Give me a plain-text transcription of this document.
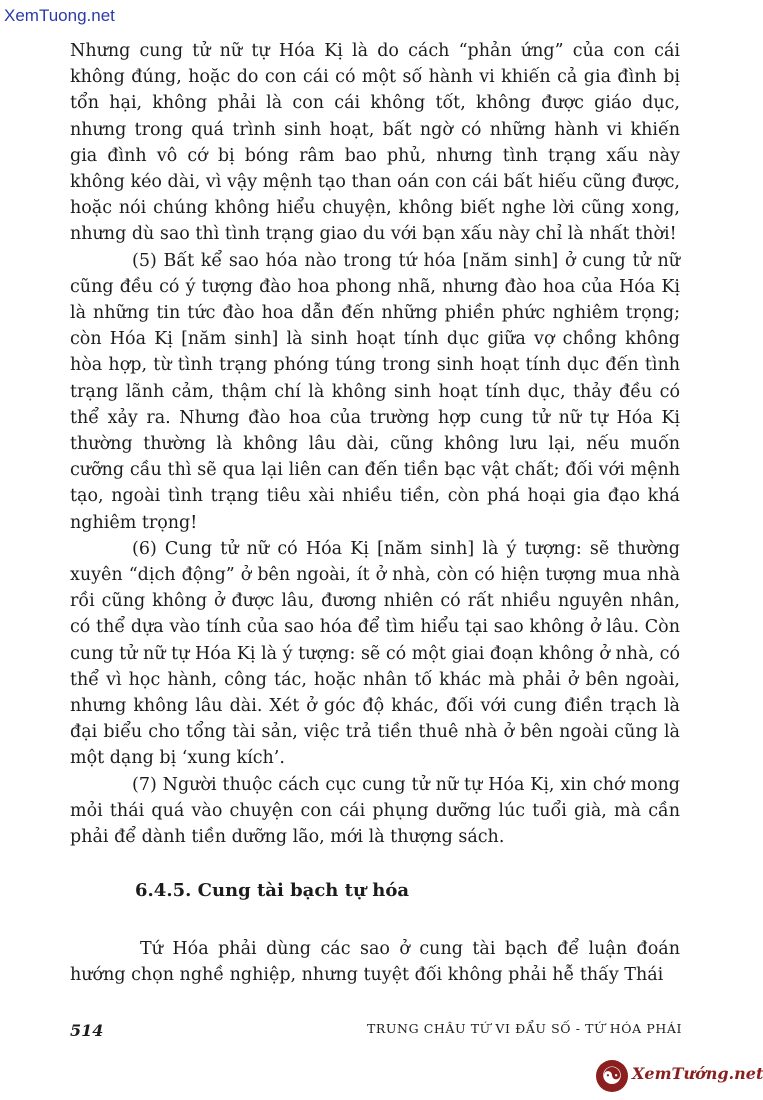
XemTuong.net

Nhưng cung tử nữ tự Hóa Kị là do cách “phản ứng” của con cái không đúng, hoặc do con cái có một số hành vi khiến cả gia đình bị tổn hại, không phải là con cái không tốt, không được giáo dục, nhưng trong quá trình sinh hoạt, bất ngờ có những hành vi khiến gia đình vô cớ bị bóng râm bao phủ, nhưng tình trạng xấu này không kéo dài, vì vậy mệnh tạo than oán con cái bất hiếu cũng được, hoặc nói chúng không hiểu chuyện, không biết nghe lời cũng xong, nhưng dù sao thì tình trạng giao du với bạn xấu này chỉ là nhất thời!

(5) Bất kể sao hóa nào trong tứ hóa [năm sinh] ở cung tử nữ cũng đều có ý tượng đào hoa phong nhã, nhưng đào hoa của Hóa Kị là những tin tức đào hoa dẫn đến những phiền phức nghiêm trọng; còn Hóa Kị [năm sinh] là sinh hoạt tính dục giữa vợ chồng không hòa hợp, từ tình trạng phóng túng trong sinh hoạt tính dục đến tình trạng lãnh cảm, thậm chí là không sinh hoạt tính dục, thảy đều có thể xảy ra. Nhưng đào hoa của trường hợp cung tử nữ tự Hóa Kị thường thường là không lâu dài, cũng không lưu lại, nếu muốn cưỡng cầu thì sẽ qua lại liên can đến tiền bạc vật chất; đối với mệnh tạo, ngoài tình trạng tiêu xài nhiều tiền, còn phá hoại gia đạo khá nghiêm trọng!

(6) Cung tử nữ có Hóa Kị [năm sinh] là ý tượng: sẽ thường xuyên “dịch động” ở bên ngoài, ít ở nhà, còn có hiện tượng mua nhà rồi cũng không ở được lâu, đương nhiên có rất nhiều nguyên nhân, có thể dựa vào tính của sao hóa để tìm hiểu tại sao không ở lâu. Còn cung tử nữ tự Hóa Kị là ý tượng: sẽ có một giai đoạn không ở nhà, có thể vì học hành, công tác, hoặc nhân tố khác mà phải ở bên ngoài, nhưng không lâu dài. Xét ở góc độ khác, đối với cung điền trạch là đại biểu cho tổng tài sản, việc trả tiền thuê nhà ở bên ngoài cũng là một dạng bị ‘xung kích’.

(7) Người thuộc cách cục cung tử nữ tự Hóa Kị, xin chớ mong mỏi thái quá vào chuyện con cái phụng dưỡng lúc tuổi già, mà cần phải để dành tiền dưỡng lão, mới là thượng sách.

6.4.5. Cung tài bạch tự hóa

Tứ Hóa phải dùng các sao ở cung tài bạch để luận đoán hướng chọn nghề nghiệp, nhưng tuyệt đối không phải hễ thấy Thái

514	TRUNG CHÂU TỨ VI ĐẨU SỐ - TỨ HÓA PHÁI
☯ XemTướng.net
